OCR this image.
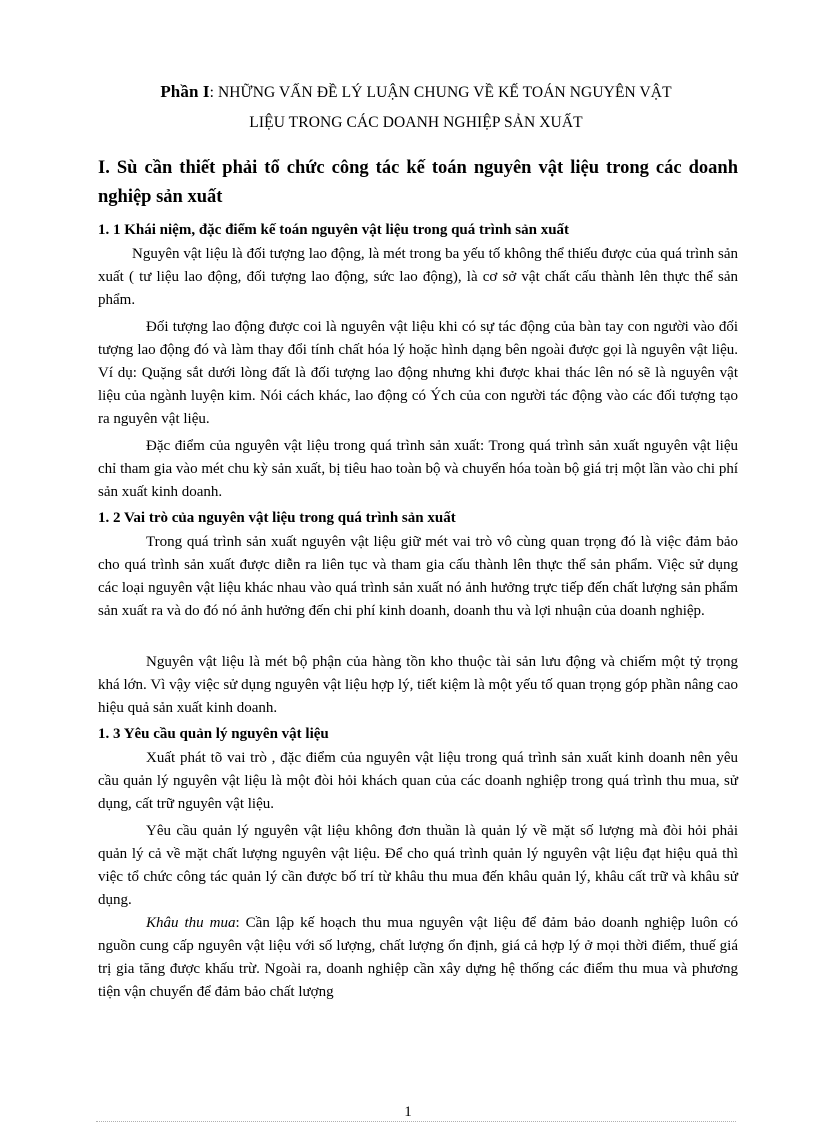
Phần I: NHỮNG VẤN ĐỀ LÝ LUẬN CHUNG VỀ KẾ TOÁN NGUYÊN VẬT
LIỆU TRONG CÁC DOANH NGHIỆP SẢN XUẤT
I. Sù cần thiết phải tổ chức công tác kế toán nguyên vật liệu trong các doanh nghiệp sản xuất
1. 1 Khái niệm, đặc điểm kế toán nguyên vật liệu trong quá trình sản xuất
Nguyên vật liệu là đối tượng lao động, là mét trong ba yếu tố không thể thiếu được của quá trình sản xuất ( tư liệu lao động, đối tượng lao động, sức lao động), là cơ sở vật chất cấu thành lên thực thể sản phẩm.
Đối tượng lao động được coi là nguyên vật liệu khi có sự tác động của bàn tay con người vào đối tượng lao động đó và làm thay đổi tính chất hóa lý hoặc hình dạng bên ngoài được gọi là nguyên vật liệu. Ví dụ: Quặng sắt dưới lòng đất là đối tượng lao động nhưng khi được khai thác lên nó sẽ là nguyên vật liệu của ngành luyện kim. Nói cách khác, lao động có Ých của con người tác động vào các đối tượng tạo ra nguyên vật liệu.
Đặc điểm của nguyên vật liệu trong quá trình sản xuất: Trong quá trình sản xuất nguyên vật liệu chỉ tham gia vào mét chu kỳ sản xuất, bị tiêu hao toàn bộ và chuyển hóa toàn bộ giá trị một lần vào chi phí sản xuất kinh doanh.
1. 2 Vai trò của nguyên vật liệu trong quá trình sản xuất
Trong quá trình sản xuất nguyên vật liệu giữ mét vai trò vô cùng quan trọng đó là việc đảm bảo cho quá trình sản xuất được diễn ra liên tục và tham gia cấu thành lên thực thể sản phẩm. Việc sử dụng các loại nguyên vật liệu khác nhau vào quá trình sản xuất nó ảnh hưởng trực tiếp đến chất lượng sản phẩm sản xuất ra và do đó nó ảnh hưởng đến chi phí kinh doanh, doanh thu và lợi nhuận của doanh nghiệp.
Nguyên vật liệu là mét bộ phận của hàng tồn kho thuộc tài sản lưu động và chiếm một tỷ trọng khá lớn. Vì vậy việc sử dụng nguyên vật liệu hợp lý, tiết kiệm là một yếu tố quan trọng góp phần nâng cao hiệu quả sản xuất kinh doanh.
1. 3 Yêu cầu quản lý nguyên vật liệu
Xuất phát tõ vai trò , đặc điểm của nguyên vật liệu trong quá trình sản xuất kinh doanh nên yêu cầu quản lý nguyên vật liệu là một đòi hỏi khách quan của các doanh nghiệp trong quá trình thu mua, sử dụng, cất trữ nguyên vật liệu.
Yêu cầu quản lý nguyên vật liệu không đơn thuần là quản lý về mặt số lượng mà đòi hỏi phải quản lý cả về mặt chất lượng nguyên vật liệu. Để cho quá trình quản lý nguyên vật liệu đạt hiệu quả thì việc tổ chức công tác quản lý cần được bố trí từ khâu thu mua đến khâu quản lý, khâu cất trữ và khâu sử dụng.
Khâu thu mua: Cần lập kế hoạch thu mua nguyên vật liệu để đảm bảo doanh nghiệp luôn có nguồn cung cấp nguyên vật liệu với số lượng, chất lượng ổn định, giá cả hợp lý ở mọi thời điểm, thuế giá trị gia tăng được khấu trừ. Ngoài ra, doanh nghiệp cần xây dựng hệ thống các điểm thu mua và phương tiện vận chuyển để đảm bảo chất lượng
1
